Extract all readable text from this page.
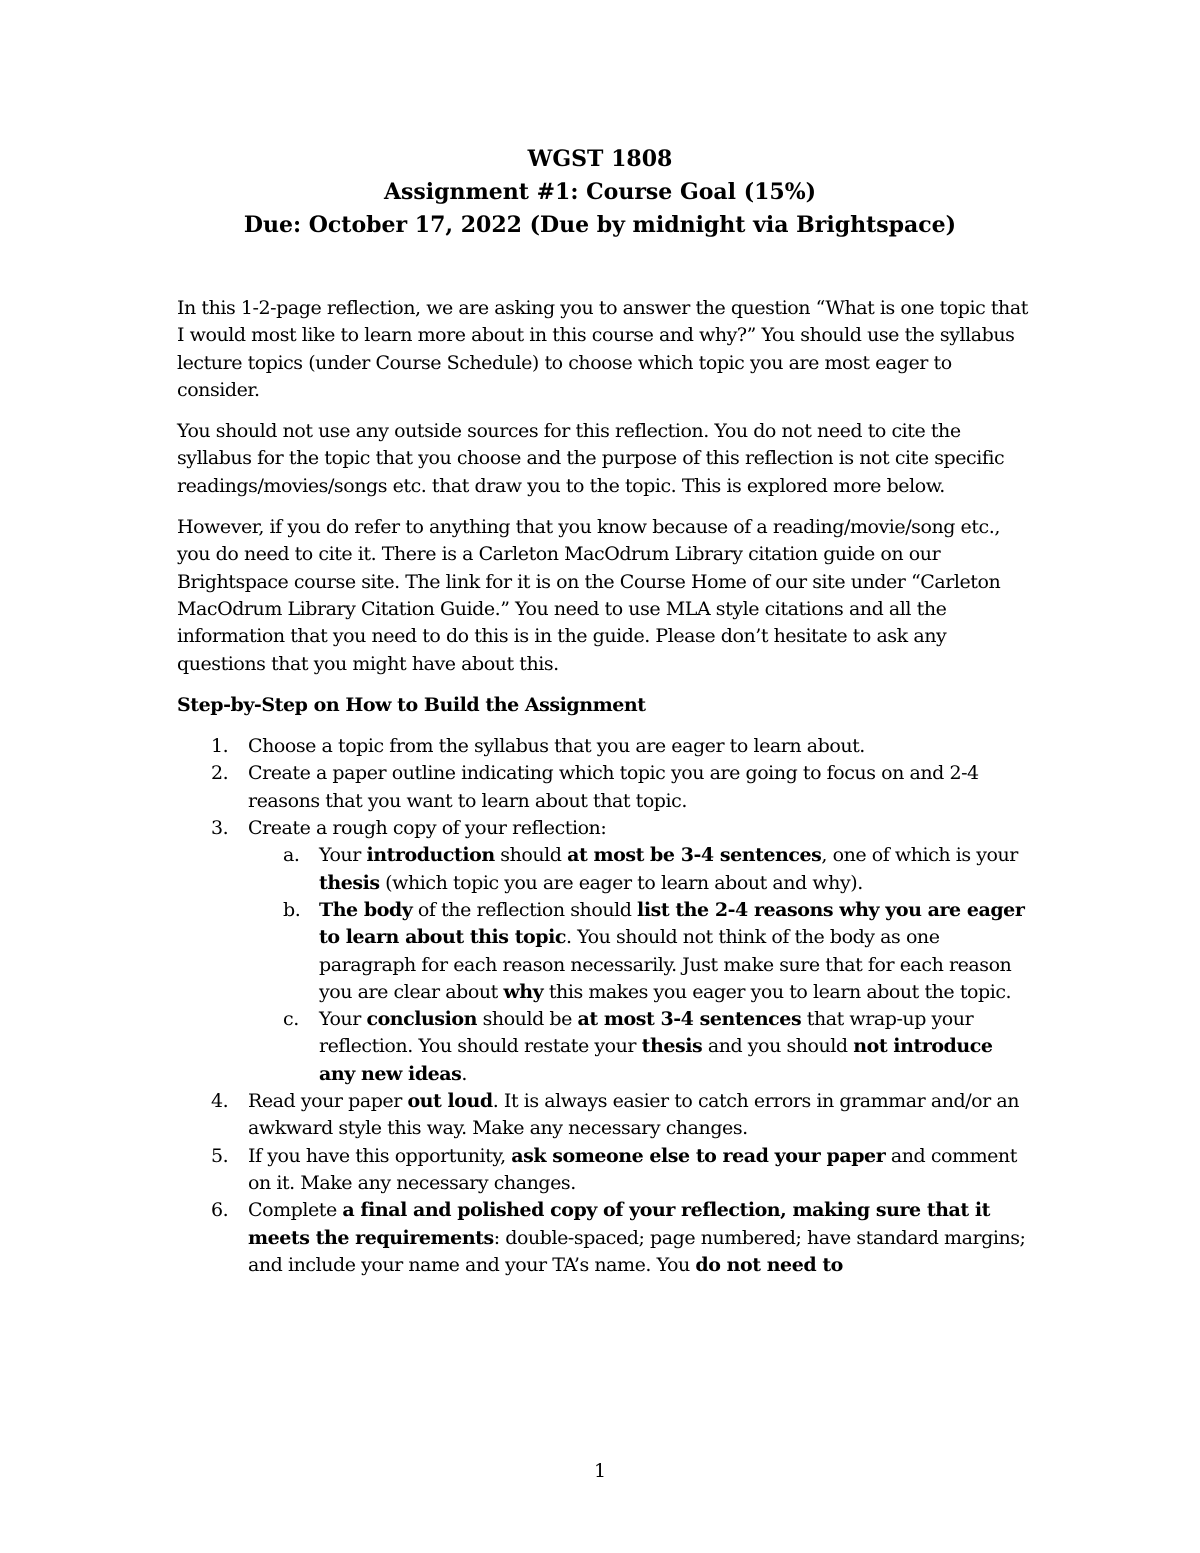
WGST 1808
Assignment #1: Course Goal (15%)
Due: October 17, 2022 (Due by midnight via Brightspace)

In this 1-2-page reflection, we are asking you to answer the question “What is one topic that I would most like to learn more about in this course and why?” You should use the syllabus lecture topics (under Course Schedule) to choose which topic you are most eager to consider.

You should not use any outside sources for this reflection. You do not need to cite the syllabus for the topic that you choose and the purpose of this reflection is not cite specific readings/movies/songs etc. that draw you to the topic. This is explored more below.

However, if you do refer to anything that you know because of a reading/movie/song etc., you do need to cite it. There is a Carleton MacOdrum Library citation guide on our Brightspace course site. The link for it is on the Course Home of our site under “Carleton MacOdrum Library Citation Guide.” You need to use MLA style citations and all the information that you need to do this is in the guide. Please don’t hesitate to ask any questions that you might have about this.

Step-by-Step on How to Build the Assignment
1. Choose a topic from the syllabus that you are eager to learn about.
2. Create a paper outline indicating which topic you are going to focus on and 2-4 reasons that you want to learn about that topic.
3. Create a rough copy of your reflection:
a. Your introduction should at most be 3-4 sentences, one of which is your thesis (which topic you are eager to learn about and why).
b. The body of the reflection should list the 2-4 reasons why you are eager to learn about this topic. You should not think of the body as one paragraph for each reason necessarily. Just make sure that for each reason you are clear about why this makes you eager you to learn about the topic.
c. Your conclusion should be at most 3-4 sentences that wrap-up your reflection. You should restate your thesis and you should not introduce any new ideas.
4. Read your paper out loud. It is always easier to catch errors in grammar and/or an awkward style this way. Make any necessary changes.
5. If you have this opportunity, ask someone else to read your paper and comment on it. Make any necessary changes.
6. Complete a final and polished copy of your reflection, making sure that it meets the requirements: double-spaced; page numbered; have standard margins; and include your name and your TA’s name. You do not need to
1
